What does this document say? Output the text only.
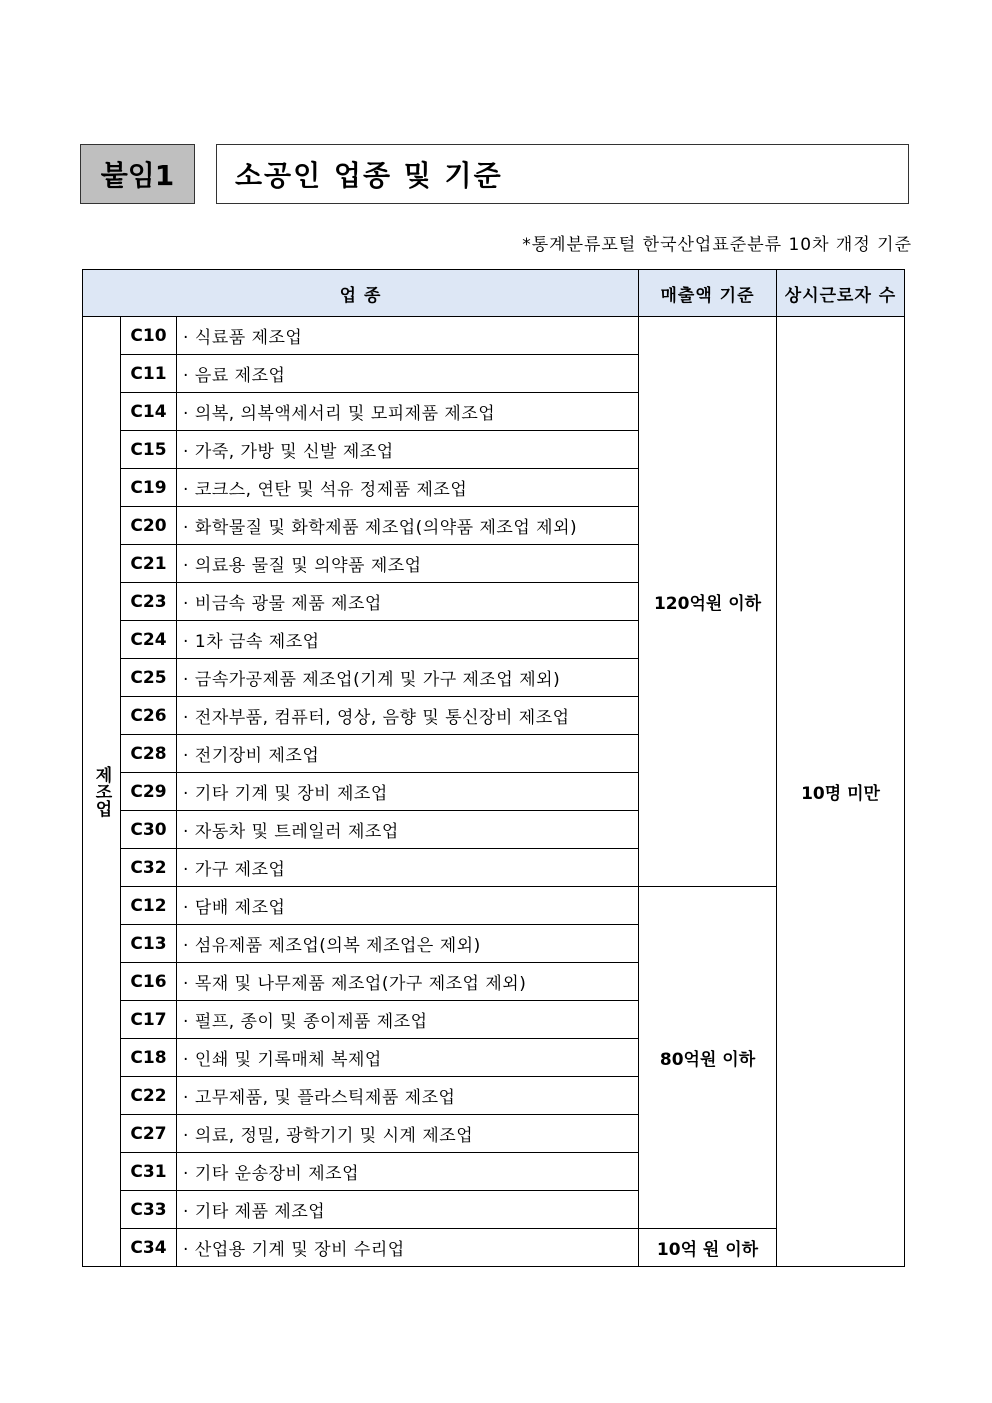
붙임1	소공인 업종 및 기준
*통계분류포털 한국산업표준분류 10차 개정 기준
업 종			매출액 기준	상시근로자 수
제조업	C10	· 식료품 제조업	120억원 이하	10명 미만
	C11	· 음료 제조업		
	C14	· 의복, 의복액세서리 및 모피제품 제조업		
	C15	· 가죽, 가방 및 신발 제조업		
	C19	· 코크스, 연탄 및 석유 정제품 제조업		
	C20	· 화학물질 및 화학제품 제조업(의약품 제조업 제외)		
	C21	· 의료용 물질 및 의약품 제조업		
	C23	· 비금속 광물 제품 제조업		
	C24	· 1차 금속 제조업		
	C25	· 금속가공제품 제조업(기계 및 가구 제조업 제외)		
	C26	· 전자부품, 컴퓨터, 영상, 음향 및 통신장비 제조업		
	C28	· 전기장비 제조업		
	C29	· 기타 기계 및 장비 제조업		
	C30	· 자동차 및 트레일러 제조업		
	C32	· 가구 제조업		
	C12	· 담배 제조업	80억원 이하	
	C13	· 섬유제품 제조업(의복 제조업은 제외)		
	C16	· 목재 및 나무제품 제조업(가구 제조업 제외)		
	C17	· 펄프, 종이 및 종이제품 제조업		
	C18	· 인쇄 및 기록매체 복제업		
	C22	· 고무제품, 및 플라스틱제품 제조업		
	C27	· 의료, 정밀, 광학기기 및 시계 제조업		
	C31	· 기타 운송장비 제조업		
	C33	· 기타 제품 제조업		
	C34	· 산업용 기계 및 장비 수리업	10억 원 이하	
